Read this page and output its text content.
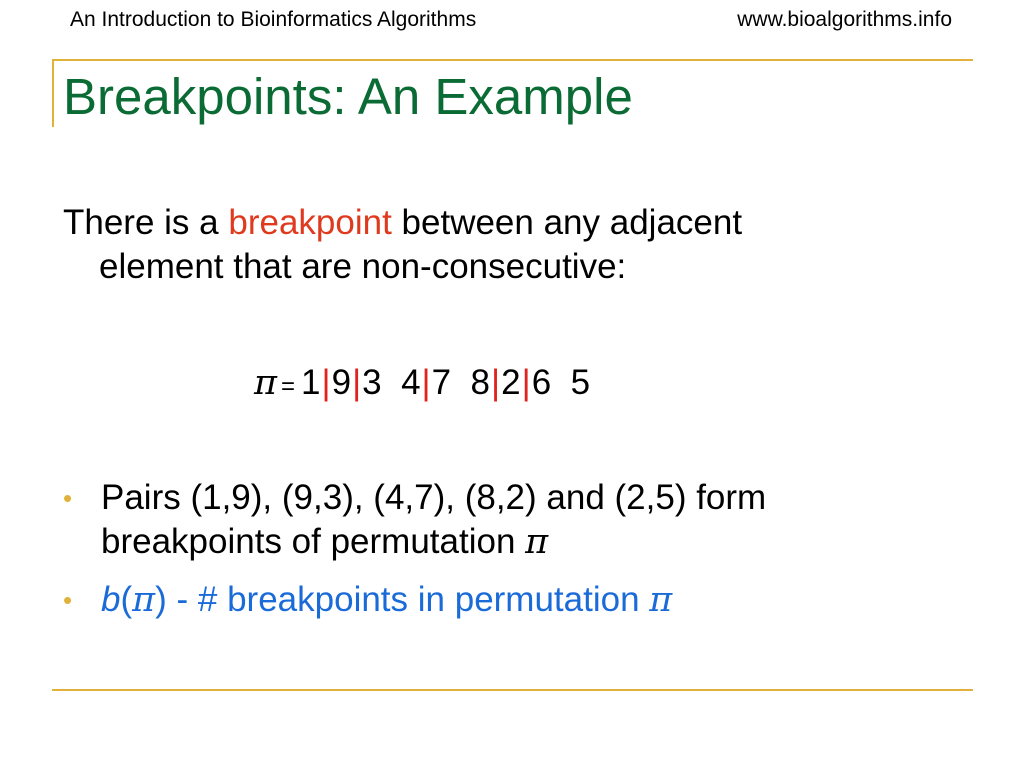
An Introduction to Bioinformatics Algorithms	www.bioalgorithms.info
Breakpoints: An Example
There is a breakpoint between any adjacent
element that are non-consecutive:
π = 1|9|3  4|7  8|2|6  5
• Pairs (1,9), (9,3), (4,7), (8,2) and (2,5) form
breakpoints of permutation π
• b(π) - # breakpoints in permutation π
